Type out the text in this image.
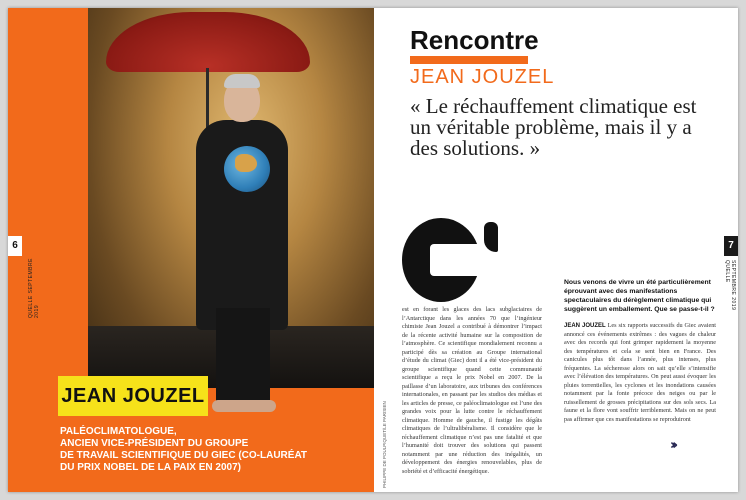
6
QUELLE SEPTEMBRE 2019
JEAN JOUZEL
PALÉOCLIMATOLOGUE,
ANCIEN VICE-PRÉSIDENT DU GROUPE
DE TRAVAIL SCIENTIFIQUE DU GIEC (CO-LAURÉAT
DU PRIX NOBEL DE LA PAIX EN 2007)
Rencontre
JEAN JOUZEL
« Le réchauffement climatique est un véritable problème, mais il y a des solutions. »
est en forant les glaces des lacs subglaciaires de l’Antarctique dans les années 70 que l’ingénieur chimiste Jean Jouzel a contribué à démontrer l’impact de la récente activité humaine sur la composition de l’atmosphère. Ce scientifique mondialement reconnu a participé dès sa création au Groupe international d’étude du climat (Giec) dont il a été vice-président du groupe scientifique quand cette communauté scientifique a reçu le prix Nobel en 2007. De la paillasse d’un laboratoire, aux tribunes des conférences internationales, en passant par les studios des médias et les articles de presse, ce paléoclimatologue est l’une des grandes voix pour la lutte contre le réchauffement climatique. Homme de gauche, il fustige les dégâts climatiques de l’ultralibéralisme. Il considère que le réchauffement climatique n’est pas une fatalité et que l’humanité doit trouver des solutions qui passent notamment par une réduction des inégalités, un développement des énergies renouvelables, plus de sobriété et d’efficacité énergétique.
PHILIPPE DE POULPIQUET/LE PARISIEN
Nous venons de vivre un été particulièrement éprouvant avec des manifestations spectaculaires du dérèglement climatique qui suggèrent un emballement. Que se passe-t-il ?
JEAN JOUZEL Les six rapports successifs du Giec avaient annoncé ces événements extrêmes : des vagues de chaleur avec des records qui font grimper rapidement la moyenne des températures et cela se sent bien en France. Des canicules plus tôt dans l’année, plus intenses, plus fréquentes. La sécheresse alors on sait qu’elle s’intensifie avec l’élévation des températures. On peut aussi évoquer les pluies torrentielles, les cyclones et les inondations causées notamment par la fonte précoce des neiges ou par le ruissellement de grosses précipitations sur des sols secs. La faune et la flore vont souffrir terriblement. Mais on ne peut pas affirmer que ces manifestations se reproduiront
7
SEPTEMBRE 2019 QUELLE
›››
